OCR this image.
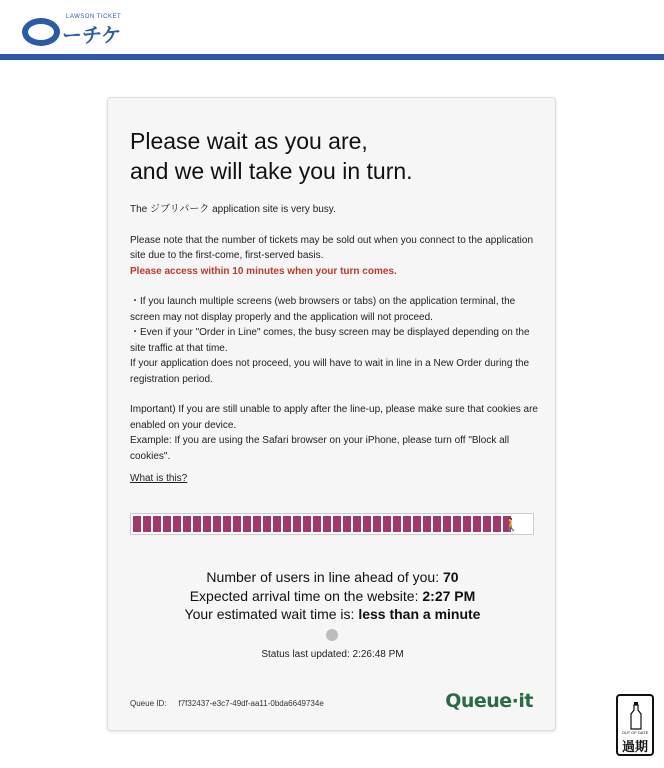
ーチケ
LAWSON TICKET
Please wait as you are,
and we will take you in turn.

The ジブリパーク application site is very busy.

Please note that the number of tickets may be sold out when you connect to the application site due to the first-come, first-served basis.
Please access within 10 minutes when your turn comes.

・If you launch multiple screens (web browsers or tabs) on the application terminal, the screen may not display properly and the application will not proceed.
・Even if your "Order in Line" comes, the busy screen may be displayed depending on the site traffic at that time.
If your application does not proceed, you will have to wait in line in a New Order during the registration period.

Important) If you are still unable to apply after the line-up, please make sure that cookies are enabled on your device.
Example: If you are using the Safari browser on your iPhone, please turn off "Block all cookies".

What is this?
🚶
Number of users in line ahead of you: 70
Expected arrival time on the website: 2:27 PM
Your estimated wait time is: less than a minute
Status last updated: 2:26:48 PM
Queue ID: f7f32437-e3c7-49df-aa11-0bda6649734e	Queue·it
OUT OF DATE
過期
